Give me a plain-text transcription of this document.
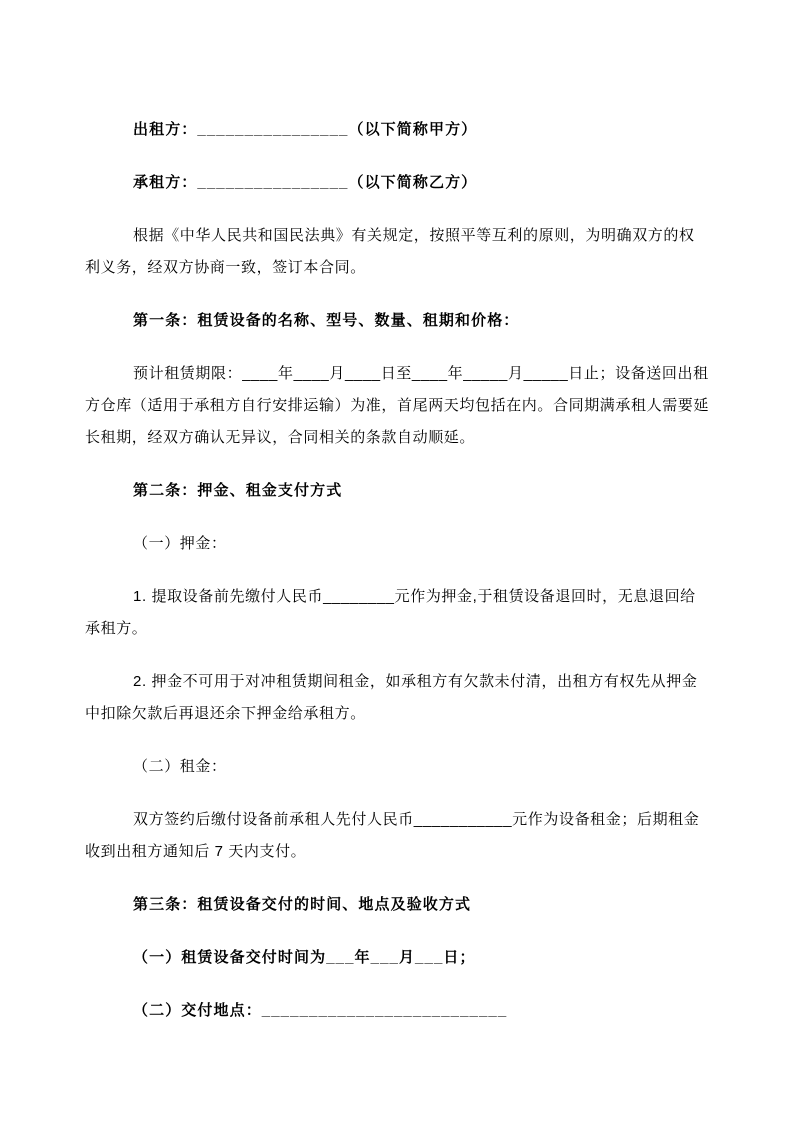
出租方：________________（以下简称甲方）

承租方：________________（以下简称乙方）

根据《中华人民共和国民法典》有关规定，按照平等互利的原则，为明确双方的权利义务，经双方协商一致，签订本合同。

第一条：租赁设备的名称、型号、数量、租期和价格：

预计租赁期限：____年____月____日至____年_____月_____日止；设备送回出租方仓库（适用于承租方自行安排运输）为准，首尾两天均包括在内。合同期满承租人需要延长租期，经双方确认无异议，合同相关的条款自动顺延。

第二条：押金、租金支付方式

（一）押金：

1. 提取设备前先缴付人民币________元作为押金,于租赁设备退回时，无息退回给承租方。

2. 押金不可用于对冲租赁期间租金，如承租方有欠款未付清，出租方有权先从押金中扣除欠款后再退还余下押金给承租方。

（二）租金：

双方签约后缴付设备前承租人先付人民币___________元作为设备租金；后期租金收到出租方通知后 7 天内支付。

第三条：租赁设备交付的时间、地点及验收方式

（一）租赁设备交付时间为___年___月___日；

（二）交付地点：__________________________
